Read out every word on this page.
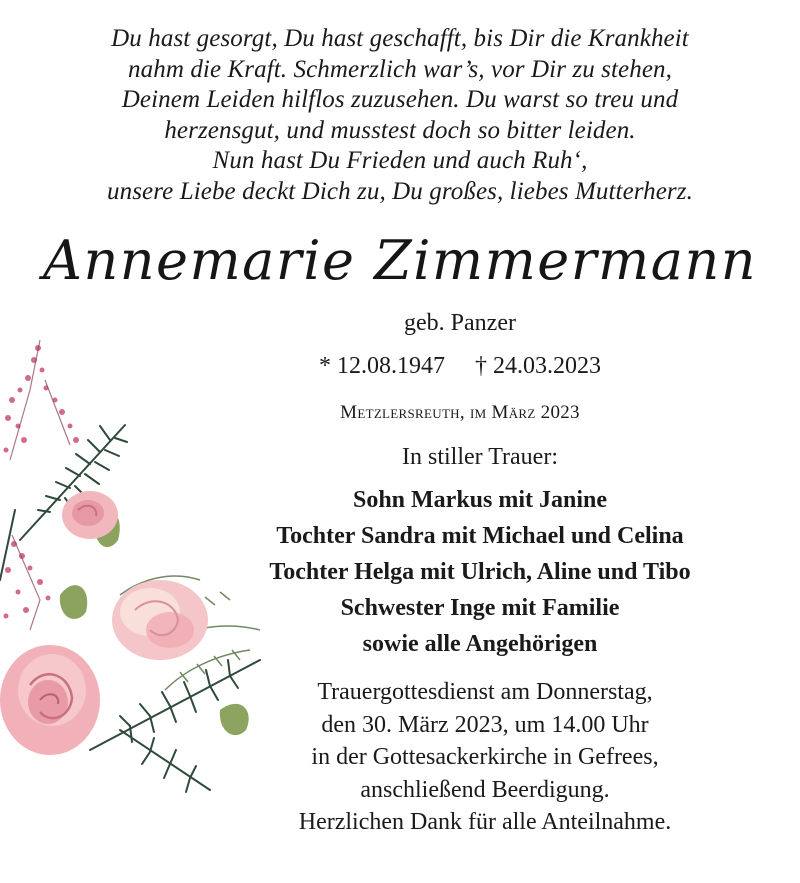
Du hast gesorgt, Du hast geschafft, bis Dir die Krankheit
nahm die Kraft. Schmerzlich war’s, vor Dir zu stehen,
Deinem Leiden hilflos zuzusehen. Du warst so treu und
herzensgut, und musstest doch so bitter leiden.
Nun hast Du Frieden und auch Ruh‘,
unsere Liebe deckt Dich zu, Du großes, liebes Mutterherz.
Annemarie Zimmermann
geb. Panzer
* 12.08.1947 † 24.03.2023
Metzlersreuth, im März 2023
In stiller Trauer:
Sohn Markus mit Janine
Tochter Sandra mit Michael und Celina
Tochter Helga mit Ulrich, Aline und Tibo
Schwester Inge mit Familie
sowie alle Angehörigen
Trauergottesdienst am Donnerstag,
den 30. März 2023, um 14.00 Uhr
in der Gottesackerkirche in Gefrees,
anschließend Beerdigung.
Herzlichen Dank für alle Anteilnahme.
